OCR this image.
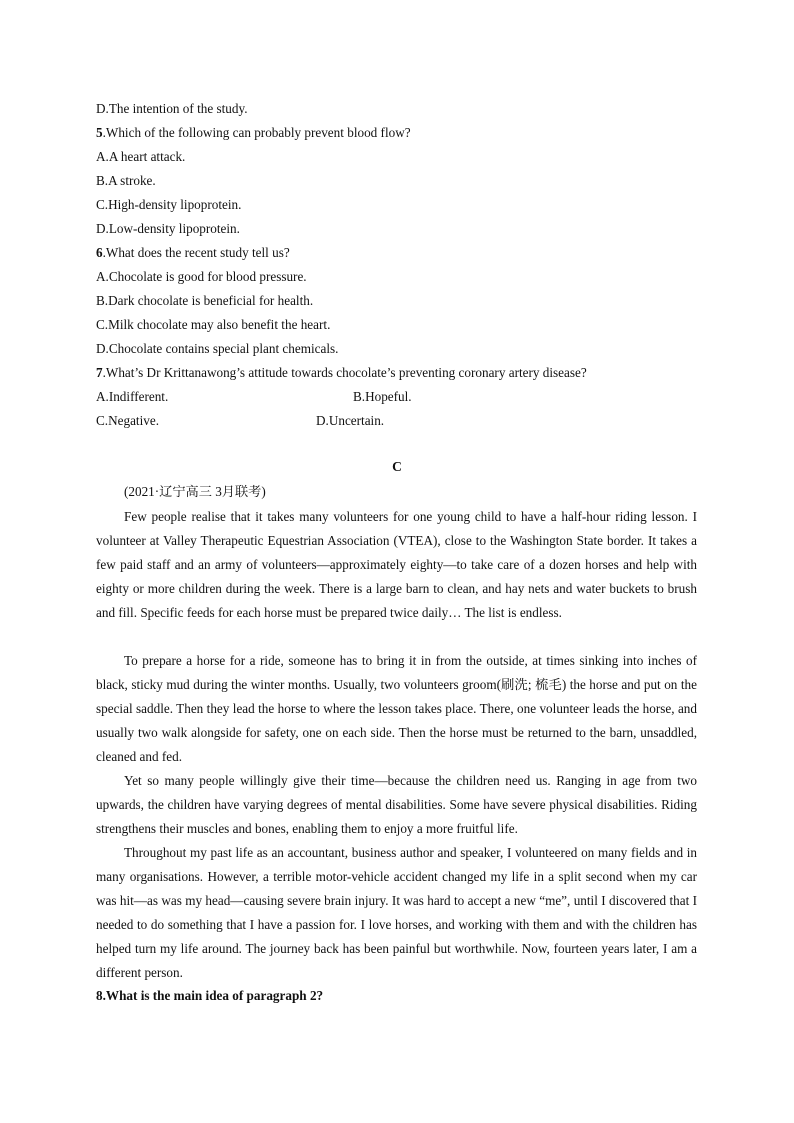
D.The intention of the study.
5.Which of the following can probably prevent blood flow?
A.A heart attack.
B.A stroke.
C.High-density lipoprotein.
D.Low-density lipoprotein.
6.What does the recent study tell us?
A.Chocolate is good for blood pressure.
B.Dark chocolate is beneficial for health.
C.Milk chocolate may also benefit the heart.
D.Chocolate contains special plant chemicals.
7.What’s Dr Krittanawong’s attitude towards chocolate’s preventing coronary artery disease?
A.Indifferent.	B.Hopeful.
C.Negative.	D.Uncertain.
C
(2021·辽宁高三 3月联考)

Few people realise that it takes many volunteers for one young child to have a half-hour riding lesson. I volunteer at Valley Therapeutic Equestrian Association (VTEA), close to the Washington State border. It takes a few paid staff and an army of volunteers—approximately eighty—to take care of a dozen horses and help with eighty or more children during the week. There is a large barn to clean, and hay nets and water buckets to brush and fill. Specific feeds for each horse must be prepared twice daily… The list is endless.

To prepare a horse for a ride, someone has to bring it in from the outside, at times sinking into inches of black, sticky mud during the winter months. Usually, two volunteers groom(刷洗; 梳毛) the horse and put on the special saddle. Then they lead the horse to where the lesson takes place. There, one volunteer leads the horse, and usually two walk alongside for safety, one on each side. Then the horse must be returned to the barn, unsaddled, cleaned and fed.

Yet so many people willingly give their time—because the children need us. Ranging in age from two upwards, the children have varying degrees of mental disabilities. Some have severe physical disabilities. Riding strengthens their muscles and bones, enabling them to enjoy a more fruitful life.

Throughout my past life as an accountant, business author and speaker, I volunteered on many fields and in many organisations. However, a terrible motor-vehicle accident changed my life in a split second when my car was hit—as was my head—causing severe brain injury. It was hard to accept a new “me”, until I discovered that I needed to do something that I have a passion for. I love horses, and working with them and with the children has helped turn my life around. The journey back has been painful but worthwhile. Now, fourteen years later, I am a different person.

8.What is the main idea of paragraph 2?
